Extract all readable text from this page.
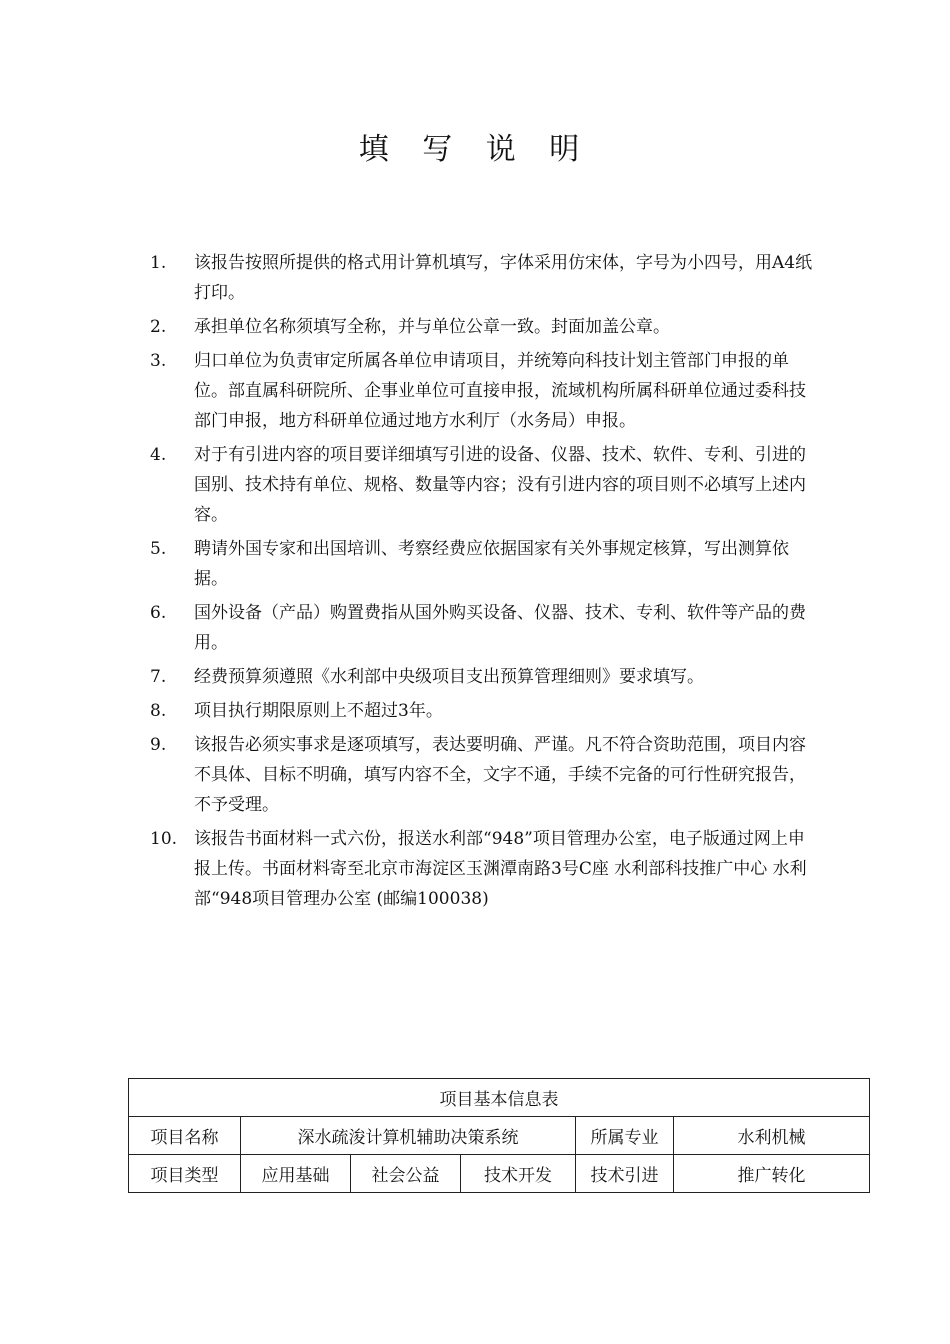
填 写 说 明
1.	该报告按照所提供的格式用计算机填写，字体采用仿宋体，字号为小四号，用A4纸打印。
2.	承担单位名称须填写全称，并与单位公章一致。封面加盖公章。
3.	归口单位为负责审定所属各单位申请项目，并统筹向科技计划主管部门申报的单位。部直属科研院所、企事业单位可直接申报，流域机构所属科研单位通过委科技部门申报，地方科研单位通过地方水利厅（水务局）申报。
4.	对于有引进内容的项目要详细填写引进的设备、仪器、技术、软件、专利、引进的国别、技术持有单位、规格、数量等内容；没有引进内容的项目则不必填写上述内容。
5.	聘请外国专家和出国培训、考察经费应依据国家有关外事规定核算，写出测算依据。
6.	国外设备（产品）购置费指从国外购买设备、仪器、技术、专利、软件等产品的费用。
7.	经费预算须遵照《水利部中央级项目支出预算管理细则》要求填写。
8.	项目执行期限原则上不超过3年。
9.	该报告必须实事求是逐项填写，表达要明确、严谨。凡不符合资助范围，项目内容不具体、目标不明确，填写内容不全，文字不通，手续不完备的可行性研究报告，不予受理。
10. 该报告书面材料一式六份，报送水利部“948”项目管理办公室，电子版通过网上申报上传。书面材料寄至北京市海淀区玉渊潭南路3号C座 水利部科技推广中心 水利部“948项目管理办公室 (邮编100038)
项目基本信息表					
项目名称	深水疏浚计算机辅助决策系统			所属专业	水利机械
项目类型	应用基础	社会公益	技术开发	技术引进	推广转化
